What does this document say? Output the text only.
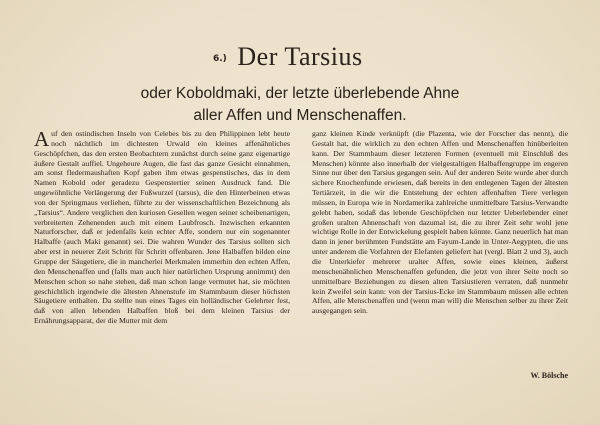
6.) Der Tarsius
oder Koboldmaki, der letzte überlebende Ahne
aller Affen und Menschenaffen.
A uf den ostindischen Inseln von Celebes bis zu den Philippinen lebt heute noch nächtlich im dichtesten Urwald ein kleines affenähnliches Geschöpfchen, das den ersten Beobachtern zunächst durch seine ganz eigenartige äußere Gestalt auffiel. Ungeheure Augen, die fast das ganze Gesicht einnahmen, am sonst fledermaushaften Kopf gaben ihm etwas gespenstisches, das in dem Namen Kobold oder geradezu Gespenstertier seinen Ausdruck fand. Die ungewöhnliche Verlängerung der Fußwurzel (tarsus), die den Hinterbeinen etwas von der Springmaus verliehen, führte zu der wissenschaftlichen Bezeichnung als „Tarsius“. Andere verglichen den kuriosen Gesellen wegen seiner scheibenartigen, verbreiterten Zehenenden auch mit einem Laubfrosch. Inzwischen erkannten Naturforscher, daß er jedenfalls kein echter Affe, sondern nur ein sogenannter Halbaffe (auch Maki genannt) sei. Die wahren Wunder des Tarsius sollten sich aber erst in neuerer Zeit Schritt für Schritt offenbaren. Jene Halbaffen bilden eine Gruppe der Säugetiere, die in mancherlei Merkmalen immerhin den echten Affen, den Menschenaffen und (falls man auch hier natürlichen Ursprung annimmt) den Menschen schon so nahe stehen, daß man schon lange vermutet hat, sie möchten geschichtlich irgendwie die ältesten Ahnenstufe im Stammbaum dieser höchsten Säugetiere enthalten. Da stellte nun eines Tages ein holländischer Gelehrter fest, daß von allen lebenden Halbaffen bloß bei dem kleinen Tarsius der Ernährungsapparat, der die Mutter mit dem

ganz kleinen Kinde verknüpft (die Plazenta, wie der Forscher das nennt), die Gestalt hat, die wirklich zu den echten Affen und Menschenaffen hinüberleiten kann. Der Stammbaum dieser letzteren Formen (eventuell mit Einschluß des Menschen) könnte also innerhalb der vielgestaltigen Halbaffengruppe im engeren Sinne nur über den Tarsius gegangen sein. Auf der anderen Seite wurde aber durch sichere Knochenfunde erwiesen, daß bereits in den entlegenen Tagen der ältesten Tertiärzeit, in die wir die Entstehung der echten affenhaften Tiere verlegen müssen, in Europa wie in Nordamerika zahlreiche unmittelbare Tarsius-Verwandte gelebt haben, sodaß das lebende Geschöpfchen nur letzter Ueberlebender einer großen uralten Ahnenschaft von dazumal ist, die zu ihrer Zeit sehr wohl jene wichtige Rolle in der Entwickelung gespielt haben könnte. Ganz neuerlich hat man dann in jener berühmten Fundstätte am Fayum-Lande in Unter-Aegypten, die uns unter anderem die Vorfahren der Elefanten geliefert hat (vergl. Blatt 2 und 3), auch die Unterkiefer mehrerer uralter Affen, sowie eines kleinen, äußerst menschenähnlichen Menschenaffen gefunden, die jetzt von ihrer Seite noch so unmittelbare Beziehungen zu diesen alten Tarsiustieren verraten, daß nunmehr kein Zweifel sein kann: von der Tarsius-Ecke im Stammbaum müssen alle echten Affen, alle Menschenaffen und (wenn man will) die Menschen selber zu ihrer Zeit ausgegangen sein.

W. Bölsche
